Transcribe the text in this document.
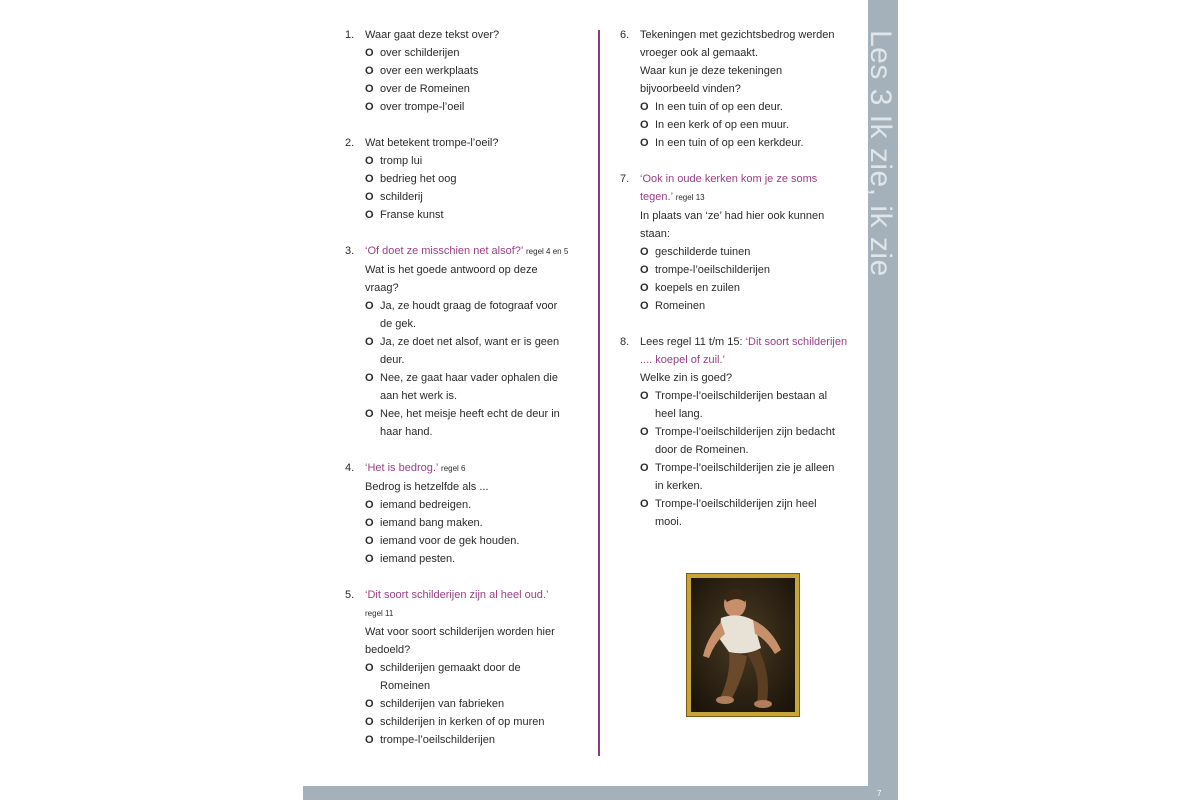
Les 3 Ik zie, ik zie
7
1. Waar gaat deze tekst over?
O over schilderijen
O over een werkplaats
O over de Romeinen
O over trompe-l’oeil
2. Wat betekent trompe-l’oeil?
O tromp lui
O bedrieg het oog
O schilderij
O Franse kunst
3. ‘Of doet ze misschien net alsof?’ regel 4 en 5
Wat is het goede antwoord op deze
vraag?
O Ja, ze houdt graag de fotograaf voor
de gek.
O Ja, ze doet net alsof, want er is geen
deur.
O Nee, ze gaat haar vader ophalen die
aan het werk is.
O Nee, het meisje heeft echt de deur in
haar hand.
4. ‘Het is bedrog.’ regel 6
Bedrog is hetzelfde als ...
O iemand bedreigen.
O iemand bang maken.
O iemand voor de gek houden.
O iemand pesten.
5. ‘Dit soort schilderijen zijn al heel oud.’
regel 11
Wat voor soort schilderijen worden hier
bedoeld?
O schilderijen gemaakt door de
Romeinen
O schilderijen van fabrieken
O schilderijen in kerken of op muren
O trompe-l’oeilschilderijen
6. Tekeningen met gezichtsbedrog werden
vroeger ook al gemaakt.
Waar kun je deze tekeningen
bijvoorbeeld vinden?
O In een tuin of op een deur.
O In een kerk of op een muur.
O In een tuin of op een kerkdeur.
7. ‘Ook in oude kerken kom je ze soms
tegen.’ regel 13
In plaats van ‘ze’ had hier ook kunnen
staan:
O geschilderde tuinen
O trompe-l’oeilschilderijen
O koepels en zuilen
O Romeinen
8. Lees regel 11 t/m 15: ‘Dit soort schilderijen
.... koepel of zuil.’
Welke zin is goed?
O Trompe-l’oeilschilderijen bestaan al
heel lang.
O Trompe-l’oeilschilderijen zijn bedacht
door de Romeinen.
O Trompe-l’oeilschilderijen zie je alleen
in kerken.
O Trompe-l’oeilschilderijen zijn heel
mooi.
